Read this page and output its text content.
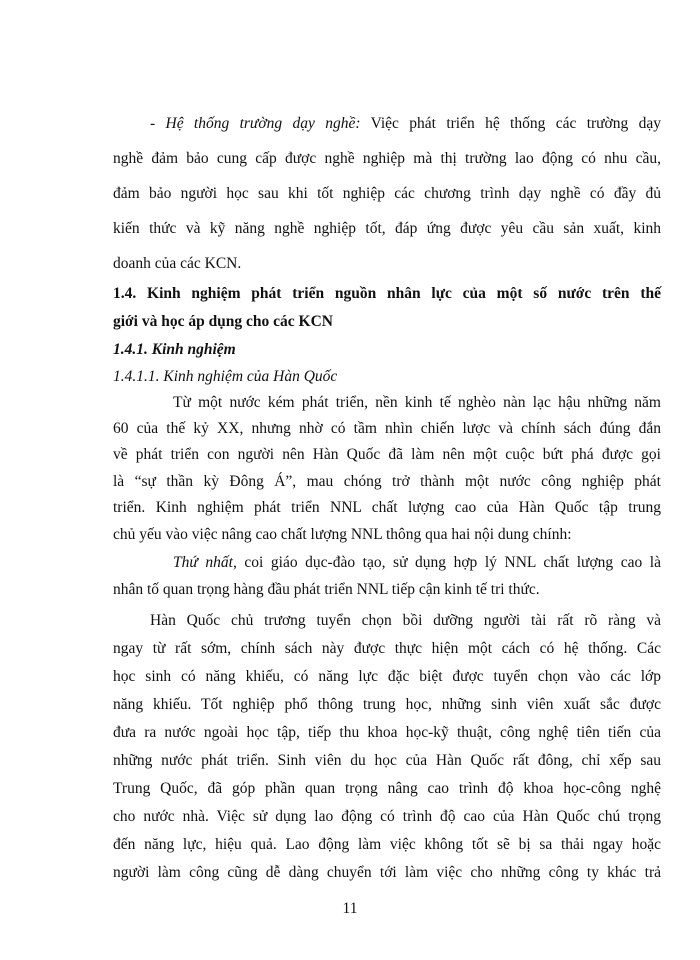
- Hệ thống trường dạy nghề: Việc phát triển hệ thống các trường dạy
nghề đảm bảo cung cấp được nghề nghiệp mà thị trường lao động có nhu cầu,
đảm bảo người học sau khi tốt nghiệp các chương trình dạy nghề có đầy đủ
kiến thức và kỹ năng nghề nghiệp tốt, đáp ứng được yêu cầu sản xuất, kinh
doanh của các KCN.
1.4. Kinh nghiệm phát triển nguồn nhân lực của một số nước trên thế
giới và học áp dụng cho các KCN
1.4.1. Kinh nghiệm
1.4.1.1. Kinh nghiệm của Hàn Quốc
Từ một nước kém phát triển, nền kinh tế nghèo nàn lạc hậu những năm
60 của thế kỷ XX, nhưng nhờ có tầm nhìn chiến lược và chính sách đúng đắn
về phát triển con người nên Hàn Quốc đã làm nên một cuộc bứt phá được gọi
là “sự thần kỳ Đông Á”, mau chóng trở thành một nước công nghiệp phát
triển. Kinh nghiệm phát triển NNL chất lượng cao của Hàn Quốc tập trung
chủ yếu vào việc nâng cao chất lượng NNL thông qua hai nội dung chính:
Thứ nhất, coi giáo dục-đào tạo, sử dụng hợp lý NNL chất lượng cao là
nhân tố quan trọng hàng đầu phát triển NNL tiếp cận kinh tế tri thức.
Hàn Quốc chủ trương tuyển chọn bồi dưỡng người tài rất rõ ràng và
ngay từ rất sớm, chính sách này được thực hiện một cách có hệ thống. Các
học sinh có năng khiếu, có năng lực đặc biệt được tuyển chọn vào các lớp
năng khiếu. Tốt nghiệp phổ thông trung học, những sinh viên xuất sắc được
đưa ra nước ngoài học tập, tiếp thu khoa học-kỹ thuật, công nghệ tiên tiến của
những nước phát triển. Sinh viên du học của Hàn Quốc rất đông, chỉ xếp sau
Trung Quốc, đã góp phần quan trọng nâng cao trình độ khoa học-công nghệ
cho nước nhà. Việc sử dụng lao động có trình độ cao của Hàn Quốc chú trọng
đến năng lực, hiệu quả. Lao động làm việc không tốt sẽ bị sa thải ngay hoặc
người làm công cũng dễ dàng chuyển tới làm việc cho những công ty khác trả
11
